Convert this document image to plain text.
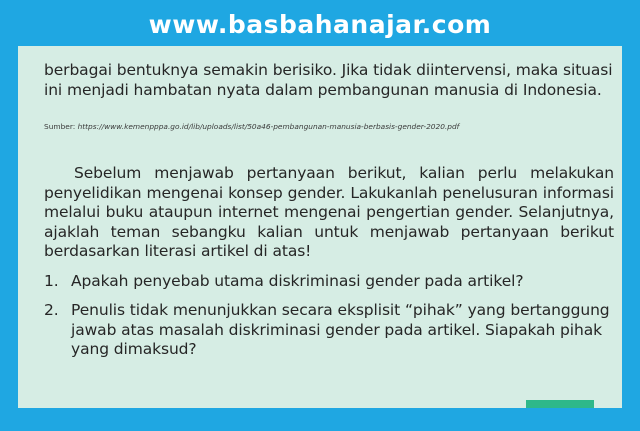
www.basbahanajar.com

berbagai bentuknya semakin berisiko. Jika tidak diintervensi, maka situasi
ini menjadi hambatan nyata dalam pembangunan manusia di Indonesia.

Sumber: https://www.kemenpppa.go.id/lib/uploads/list/50a46-pembangunan-manusia-berbasis-gender-2020.pdf

Sebelum menjawab pertanyaan berikut, kalian perlu melakukan penyelidikan mengenai konsep gender. Lakukanlah penelusuran informasi melalui buku ataupun internet mengenai pengertian gender. Selanjutnya, ajaklah teman sebangku kalian untuk menjawab pertanyaan berikut berdasarkan literasi artikel di atas!

1. Apakah penyebab utama diskriminasi gender pada artikel?
2. Penulis tidak menunjukkan secara eksplisit “pihak” yang bertanggung jawab atas masalah diskriminasi gender pada artikel. Siapakah pihak yang dimaksud?
